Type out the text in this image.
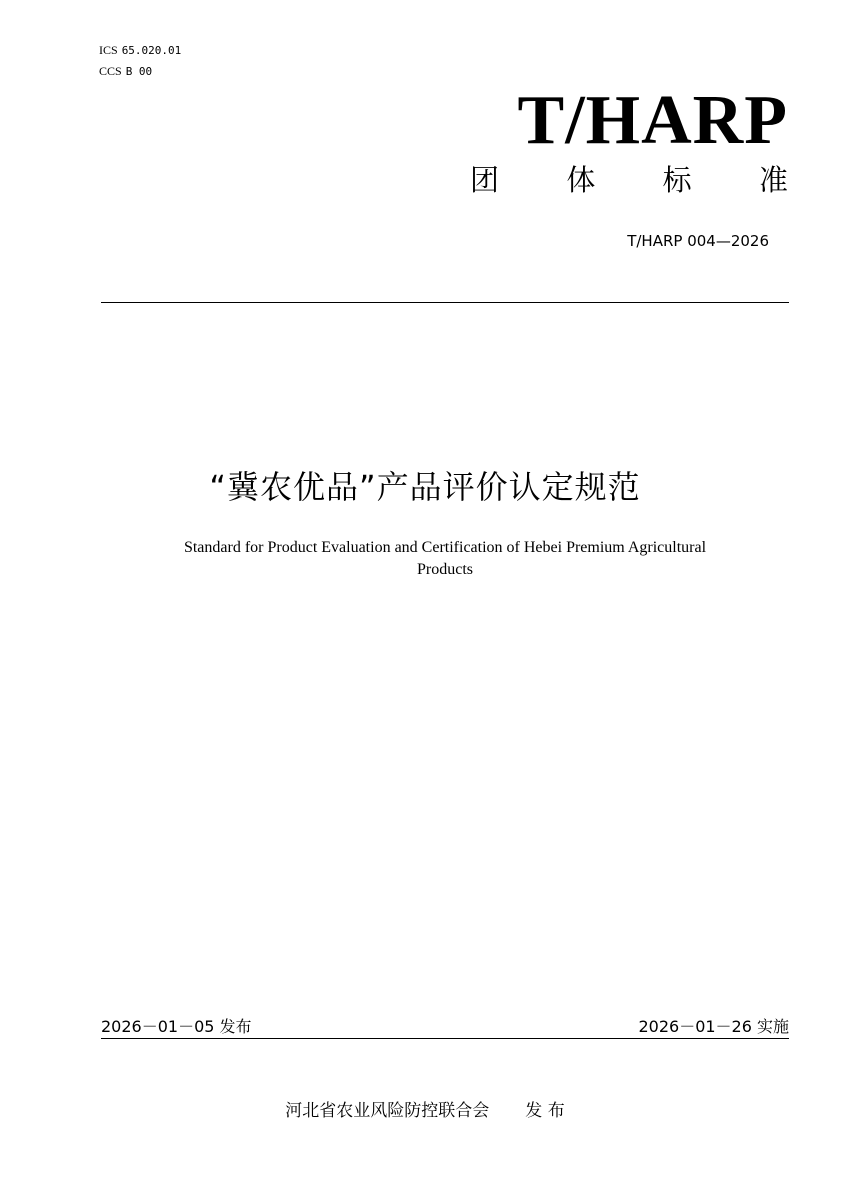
ICS 65.020.01
CCS B 00
T/HARP
团 体 标 准
T/HARP 004—2026
“冀农优品”产品评价认定规范
Standard for Product Evaluation and Certification of Hebei Premium Agricultural
Products
2026－01－05 发布	2026－01－26 实施
河北省农业风险防控联合会 发 布
